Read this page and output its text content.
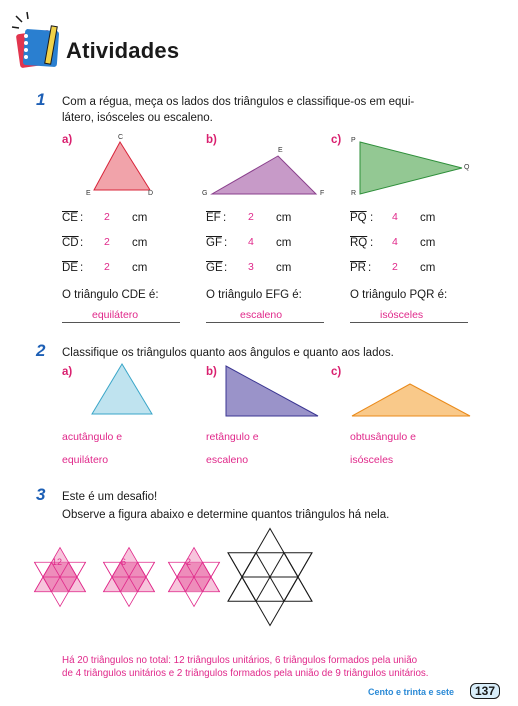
Atividades
1 Com a régua, meça os lados dos triângulos e classifique-os em equi-
látero, isósceles ou escaleno.
a)	C
E	D
b)
E
G	F
c) P
Q
R
$\overline{CE}$ : 2 cm
$\overline{CD}$ : 2 cm
$\overline{DE}$ : 2 cm
$\overline{EF}$ : 2 cm
$\overline{GF}$ : 4 cm
$\overline{GE}$ : 3 cm
$\overline{PQ}$ : 4 cm
$\overline{RQ}$ : 4 cm
$\overline{PR}$ : 2 cm
O triângulo CDE é:
equilátero
O triângulo EFG é:
escaleno
O triângulo PQR é:
isósceles
2 Classifique os triângulos quanto aos ângulos e quanto aos lados.
a)	b)	c)
acutângulo e
equilátero
retângulo e
escaleno
obtusângulo e
isósceles
3 Este é um desafio!
Observe a figura abaixo e determine quantos triângulos há nela.
12	6	2
Há 20 triângulos no total: 12 triângulos unitários, 6 triângulos formados pela união
de 4 triângulos unitários e 2 triângulos formados pela união de 9 triângulos unitários.
Cento e trinta e sete	137
